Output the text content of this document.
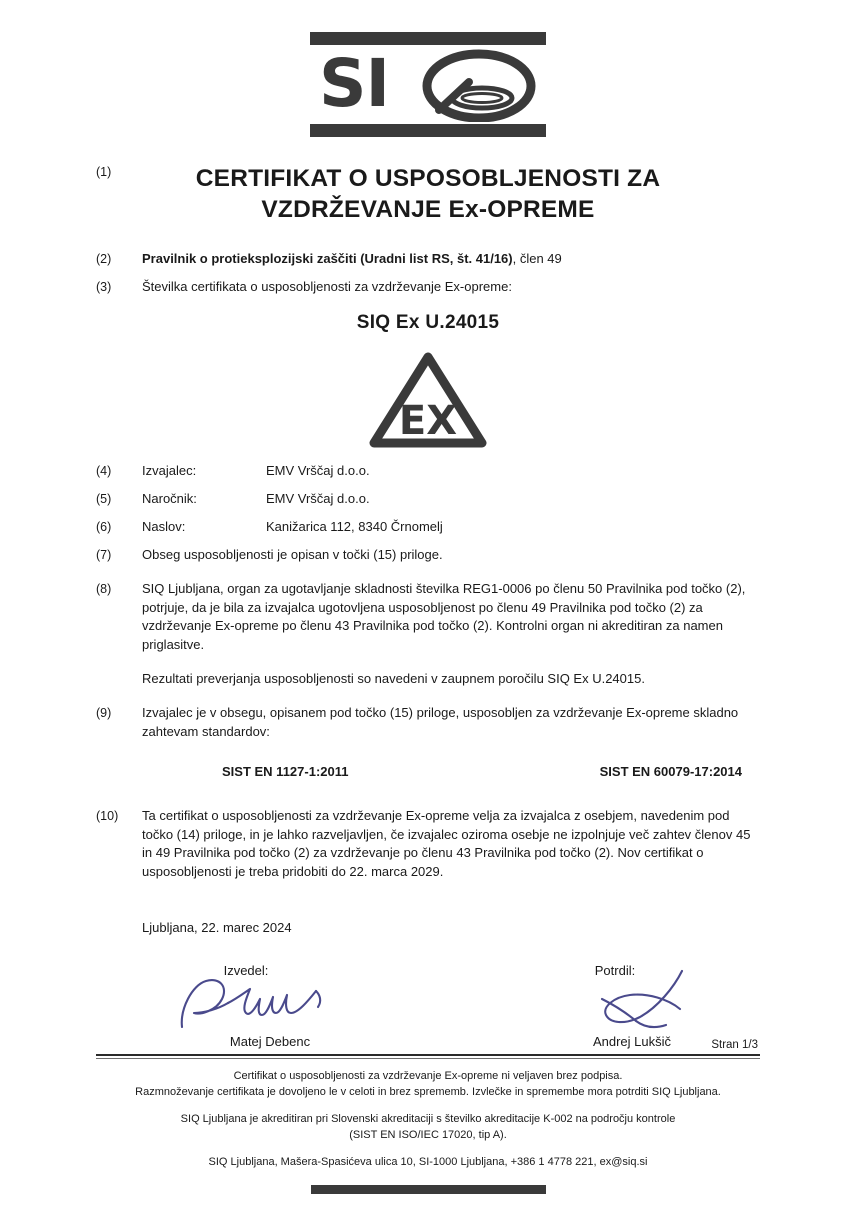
SI
(1)	CERTIFIKAT O USPOSOBLJENOSTI ZA
VZDRŽEVANJE Ex-OPREME
(2)	Pravilnik o protieksplozijski zaščiti (Uradni list RS, št. 41/16), člen 49
(3)	Številka certifikata o usposobljenosti za vzdrževanje Ex-opreme:
SIQ Ex U.24015
EX
(4)	Izvajalec:	EMV Vrščaj d.o.o.
(5)	Naročnik:	EMV Vrščaj d.o.o.
(6)	Naslov:	Kanižarica 112, 8340 Črnomelj
(7)	Obseg usposobljenosti je opisan v točki (15) priloge.
(8)	SIQ Ljubljana, organ za ugotavljanje skladnosti številka REG1-0006 po členu 50 Pravilnika pod točko (2), potrjuje, da je bila za izvajalca ugotovljena usposobljenost po členu 49 Pravilnika pod točko (2) za vzdrževanje Ex-opreme po členu 43 Pravilnika pod točko (2). Kontrolni organ ni akreditiran za namen priglasitve.
Rezultati preverjanja usposobljenosti so navedeni v zaupnem poročilu SIQ Ex U.24015.
(9)	Izvajalec je v obsegu, opisanem pod točko (15) priloge, usposobljen za vzdrževanje Ex-opreme skladno zahtevam standardov:
SIST EN 1127-1:2011	SIST EN 60079-17:2014
(10)	Ta certifikat o usposobljenosti za vzdrževanje Ex-opreme velja za izvajalca z osebjem, navedenim pod točko (14) priloge, in je lahko razveljavljen, če izvajalec oziroma osebje ne izpolnjuje več zahtev členov 45 in 49 Pravilnika pod točko (2) za vzdrževanje po členu 43 Pravilnika pod točko (2). Nov certifikat o usposobljenosti je treba pridobiti do 22. marca 2029.
Ljubljana, 22. marec 2024
Izvedel:
Matej Debenc
Potrdil:
Andrej Lukšič	Stran 1/3

Certifikat o usposobljenosti za vzdrževanje Ex-opreme ni veljaven brez podpisa.

Razmnoževanje certifikata je dovoljeno le v celoti in brez sprememb. Izvlečke in spremembe mora potrditi SIQ Ljubljana.

SIQ Ljubljana je akreditiran pri Slovenski akreditaciji s številko akreditacije K-002 na področju kontrole

(SIST EN ISO/IEC 17020, tip A).

SIQ Ljubljana, Mašera-Spasićeva ulica 10, SI-1000 Ljubljana, +386 1 4778 221, ex@siq.si
